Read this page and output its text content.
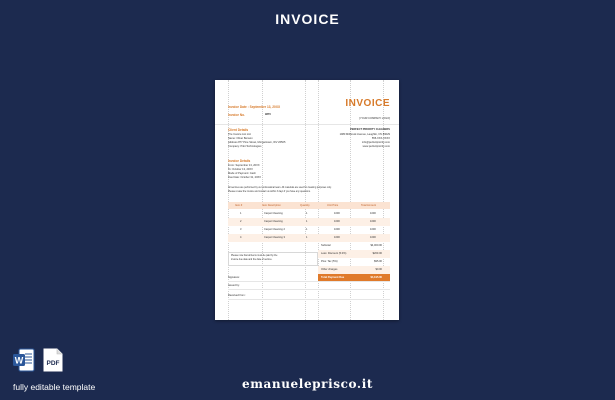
INVOICE
Invoice Date : September 13, 20XX
Invoice No.	9870
INVOICE
[YOUR COMPANY LOGO]
Client Details
The Invoice List Ltd.
Name: Oliver Benson
Address 877 Pine Street, Morgantown, WV 26505
Company: Pilot Technologies
PERFECT PRIORITY CLEANERS
1980 Millbrook Avenue, Laughlin, NV 89029
555-XXX-XXXX
info@perfectpriority.com
www.perfectpriority.com
Invoice Details
From: September 13, 20XX
To: October 13, 20XX
Mode of Payment: Cash
Due Date: October 31, 20XX
All services are performed by our professional team. All materials are used for cleaning purposes only.
Please review the invoice and contact us within 3 days if you have any questions.
Item #	Item Description	Quantity	Unit Price	Total Amount
1	Carpet Cleaning	1	1000	1000
2	Carpet Cleaning	1	1000	1000
3	Carpet Cleaning 2	1	1000	1000
4	Carpet Cleaning 3	1	1000	1000
Please note that all items must be paid by the
invoice due date and the date of service.
Subtotal	$4,000.00
Less: Discount (5.0%)	$200.00
Plus: Tax (5%)	$95.00
Other charges	$0.00
Total Payment Due	$4,195.00
Signature:
Issued by:
Received from:
W	PDF
fully editable template	emanueleprisco.it
